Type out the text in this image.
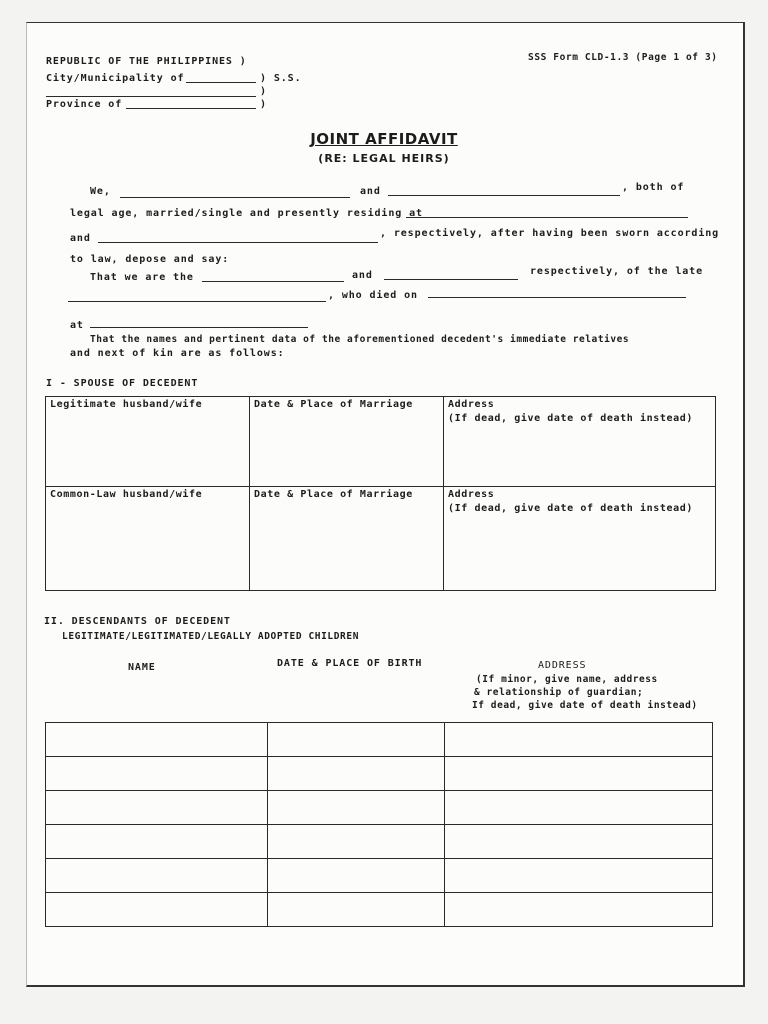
REPUBLIC OF THE PHILIPPINES )
City/Municipality of	) S.S.
)
Province of	)
SSS Form CLD-1.3 (Page 1 of 3)
JOINT AFFIDAVIT
(RE: LEGAL HEIRS)
We,	and	, both of
legal age, married/single and presently residing at
and	, respectively, after having been sworn according
to law, depose and say:
That we are the	and	respectively, of the late
, who died on
at
That the names and pertinent data of the aforementioned decedent's immediate relatives
and next of kin are as follows:
I - SPOUSE OF DECEDENT
Legitimate husband/wife	Date & Place of Marriage	Address
(If dead, give date of death instead)

Common-Law husband/wife	Date & Place of Marriage	Address
(If dead, give date of death instead)
II. DESCENDANTS OF DECEDENT
LEGITIMATE/LEGITIMATED/LEGALLY ADOPTED CHILDREN
NAME	DATE & PLACE OF BIRTH	ADDRESS
(If minor, give name, address
& relationship of guardian;
If dead, give date of death instead)
